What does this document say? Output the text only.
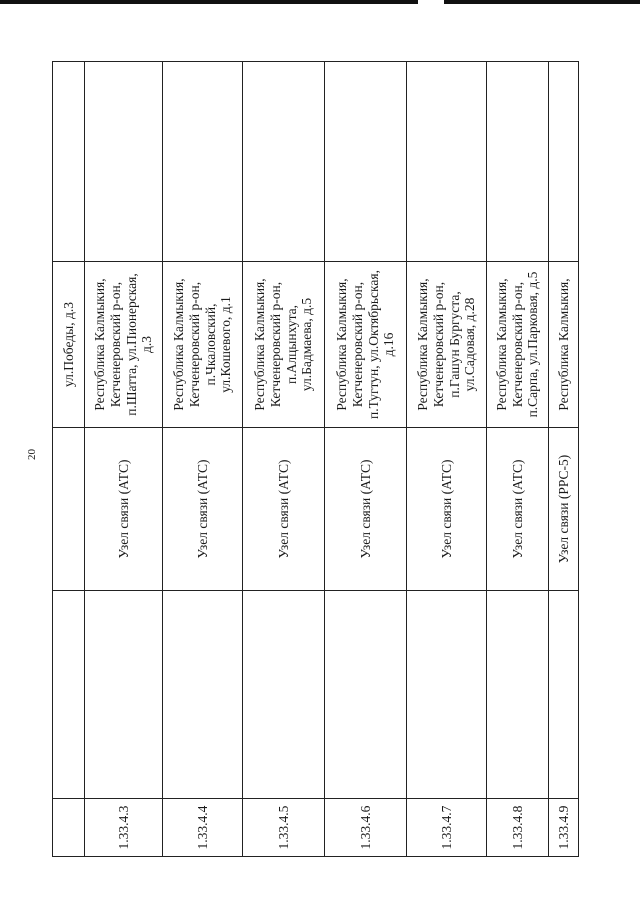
20
			ул.Победы, д.3	
1.33.4.3		Узел связи (АТС)	Республика Калмыкия, Кетченеровский р-он, п.Шатта, ул.Пионерская, д.3	

1.33.4.4		Узел связи (АТС)	Республика Калмыкия, Кетченеровский р-он, п.Чкаловский, ул.Кошевого, д.1	

1.33.4.5		Узел связи (АТС)	Республика Калмыкия, Кетченеровский р-он, п.Алцынхута, ул.Бадмаева, д.5	

1.33.4.6		Узел связи (АТС)	Республика Калмыкия, Кетченеровский р-он, п.Тугтун, ул.Октябрьская, д.16	

1.33.4.7		Узел связи (АТС)	Республика Калмыкия, Кетченеровский р-он, п.Гашун Бургуста, ул.Садовая, д.28	

1.33.4.8		Узел связи (АТС)	Республика Калмыкия, Кетченеровский р-он, п.Сарпа, ул.Парковая, д.5	

1.33.4.9		Узел связи (РРС-5)	Республика Калмыкия,	
